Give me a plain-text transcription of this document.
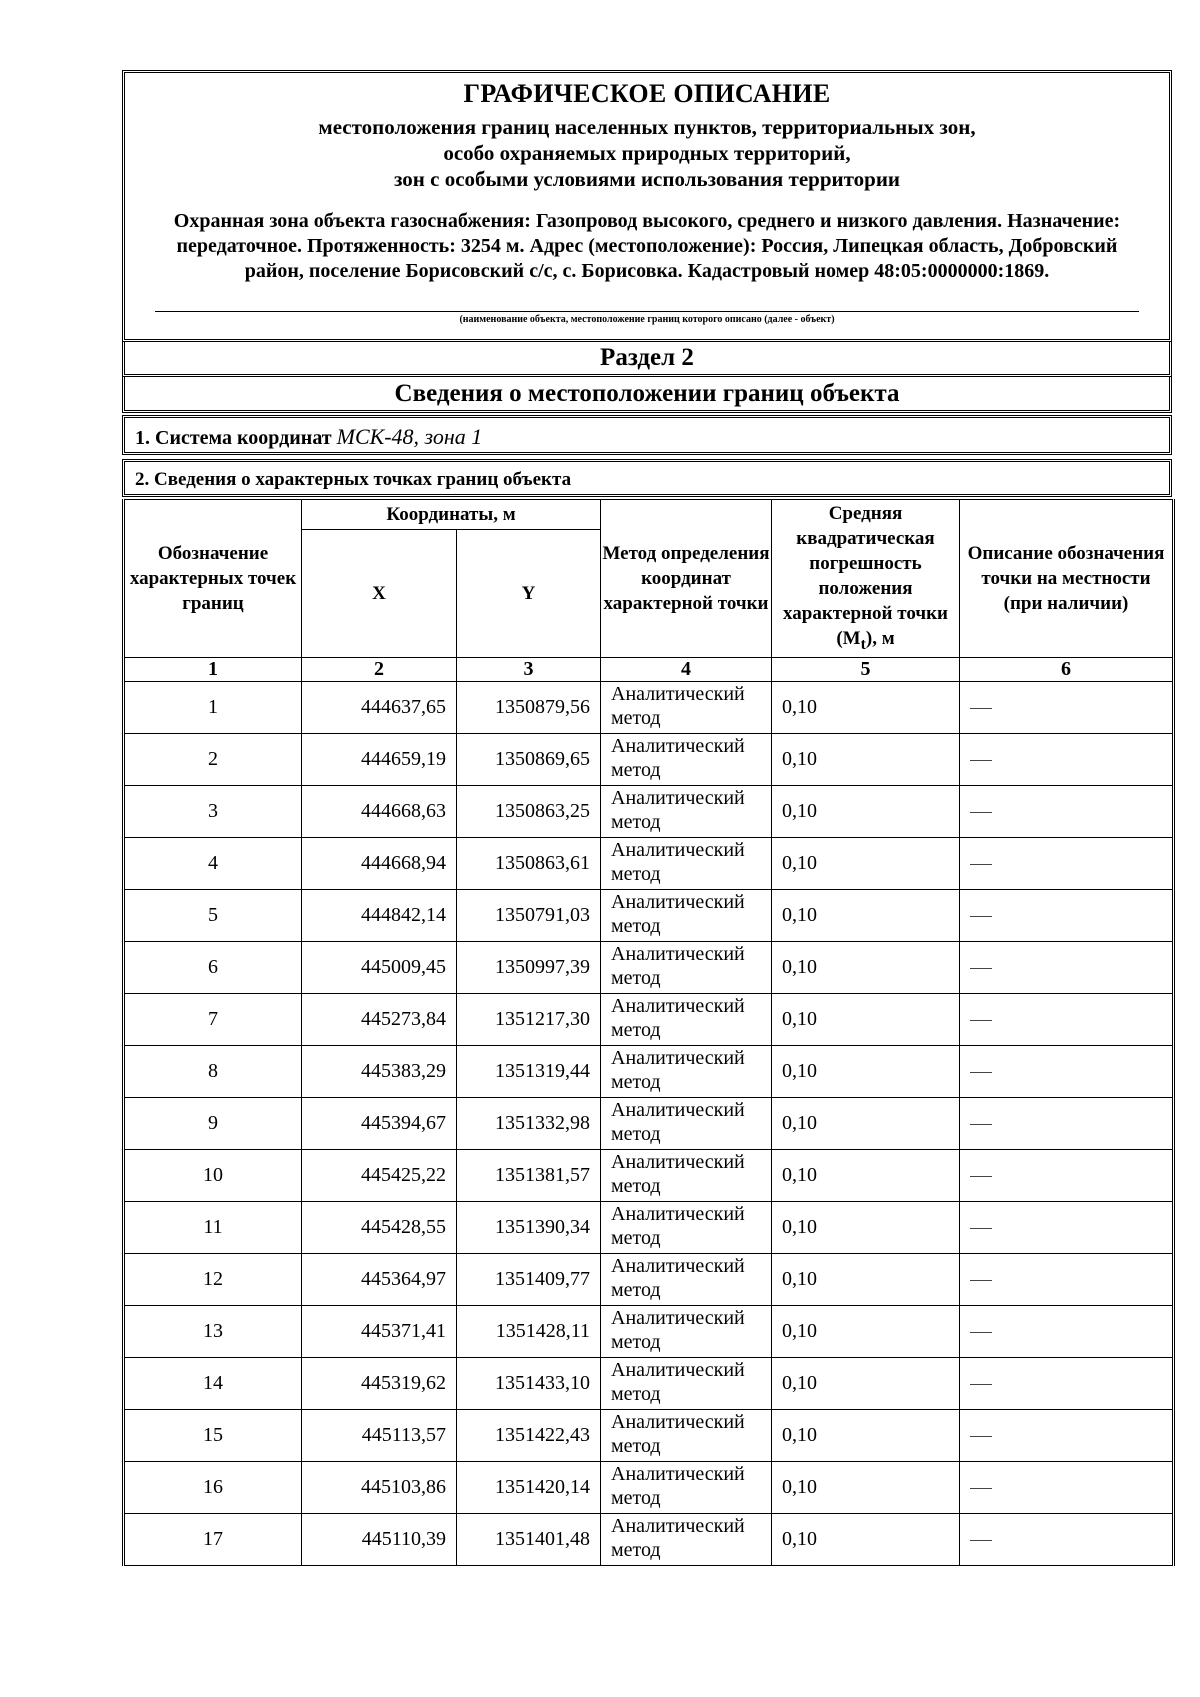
ГРАФИЧЕСКОЕ ОПИСАНИЕ
местоположения границ населенных пунктов, территориальных зон,
особо охраняемых природных территорий,
зон с особыми условиями использования территории
Охранная зона объекта газоснабжения: Газопровод высокого, среднего и низкого давления. Назначение: передаточное. Протяженность: 3254 м. Адрес (местоположение): Россия, Липецкая область, Добровский район, поселение Борисовский с/с, с. Борисовка. Кадастровый номер 48:05:0000000:1869.
(наименование объекта, местоположение границ которого описано (далее - объект)
Раздел 2
Сведения о местоположении границ объекта
1. Система координат МСК-48, зона 1
2. Сведения о характерных точках границ объекта
Обозначение характерных точек границ	Координаты, м		Метод определения координат характерной точки	Средняя квадратическая погрешность положения характерной точки $(M_t)$, м	Описание обозначения точки на местности (при наличии)
	X	Y			
1	2	3	4	5	6
1	444637,65	1350879,56	Аналитический метод	0,10	
2	444659,19	1350869,65	Аналитический метод	0,10	
3	444668,63	1350863,25	Аналитический метод	0,10	
4	444668,94	1350863,61	Аналитический метод	0,10	
5	444842,14	1350791,03	Аналитический метод	0,10	
6	445009,45	1350997,39	Аналитический метод	0,10	
7	445273,84	1351217,30	Аналитический метод	0,10	
8	445383,29	1351319,44	Аналитический метод	0,10	
9	445394,67	1351332,98	Аналитический метод	0,10	
10	445425,22	1351381,57	Аналитический метод	0,10	
11	445428,55	1351390,34	Аналитический метод	0,10	
12	445364,97	1351409,77	Аналитический метод	0,10	
13	445371,41	1351428,11	Аналитический метод	0,10	
14	445319,62	1351433,10	Аналитический метод	0,10	
15	445113,57	1351422,43	Аналитический метод	0,10	
16	445103,86	1351420,14	Аналитический метод	0,10	
17	445110,39	1351401,48	Аналитический метод	0,10	
